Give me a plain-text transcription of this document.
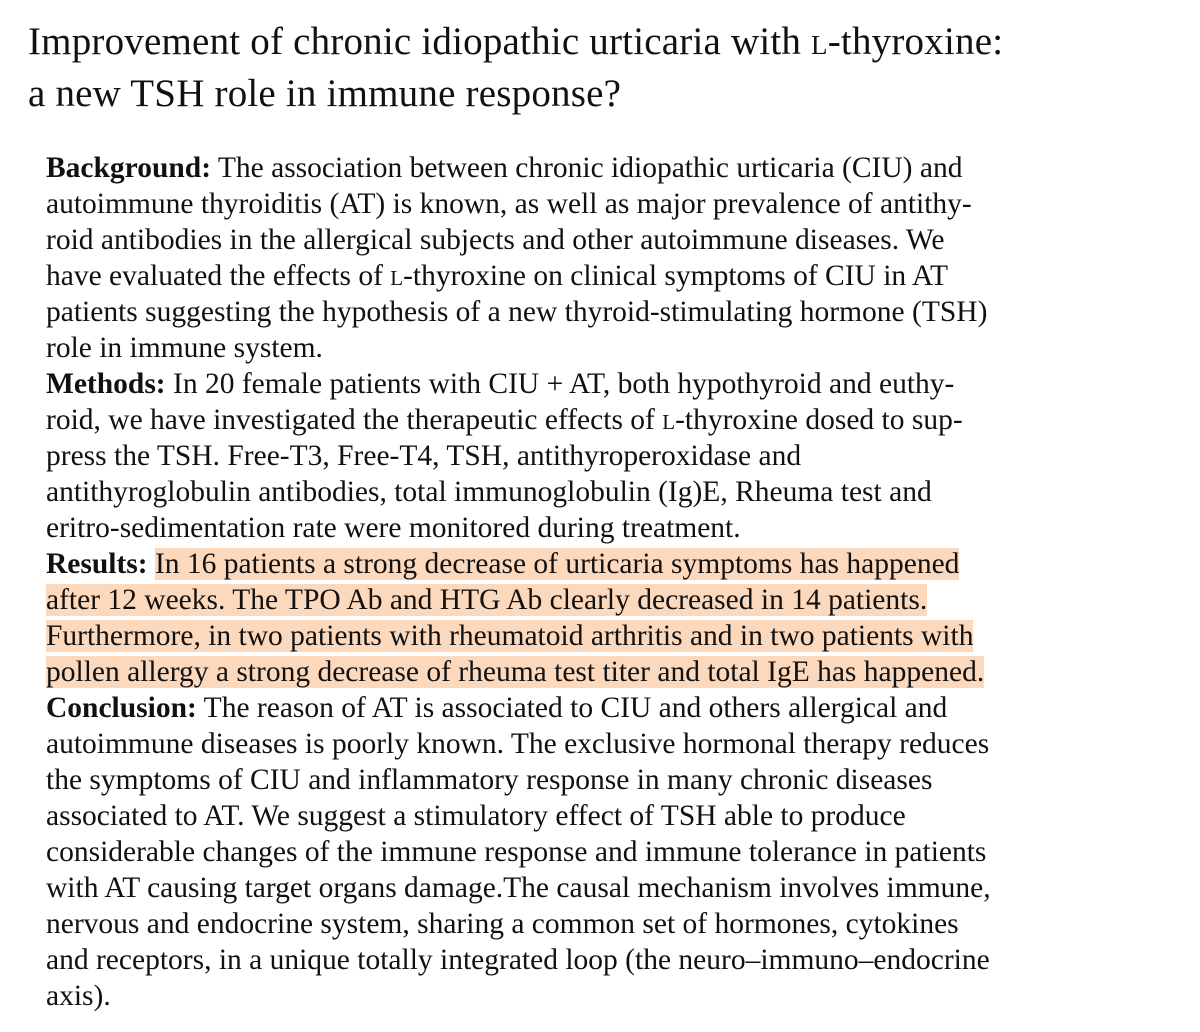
Improvement of chronic idiopathic urticaria with l-thyroxine:
a new TSH role in immune response?
Background: The association between chronic idiopathic urticaria (CIU) and
autoimmune thyroiditis (AT) is known, as well as major prevalence of antithy-
roid antibodies in the allergical subjects and other autoimmune diseases. We
have evaluated the effects of l-thyroxine on clinical symptoms of CIU in AT
patients suggesting the hypothesis of a new thyroid-stimulating hormone (TSH)
role in immune system.
Methods: In 20 female patients with CIU + AT, both hypothyroid and euthy-
roid, we have investigated the therapeutic effects of l-thyroxine dosed to sup-
press the TSH. Free-T3, Free-T4, TSH, antithyroperoxidase and
antithyroglobulin antibodies, total immunoglobulin (Ig)E, Rheuma test and
eritro-sedimentation rate were monitored during treatment.
Results: In 16 patients a strong decrease of urticaria symptoms has happened
after 12 weeks. The TPO Ab and HTG Ab clearly decreased in 14 patients.
Furthermore, in two patients with rheumatoid arthritis and in two patients with
pollen allergy a strong decrease of rheuma test titer and total IgE has happened.
Conclusion: The reason of AT is associated to CIU and others allergical and
autoimmune diseases is poorly known. The exclusive hormonal therapy reduces
the symptoms of CIU and inflammatory response in many chronic diseases
associated to AT. We suggest a stimulatory effect of TSH able to produce
considerable changes of the immune response and immune tolerance in patients
with AT causing target organs damage.The causal mechanism involves immune,
nervous and endocrine system, sharing a common set of hormones, cytokines
and receptors, in a unique totally integrated loop (the neuro–immuno–endocrine
axis).
